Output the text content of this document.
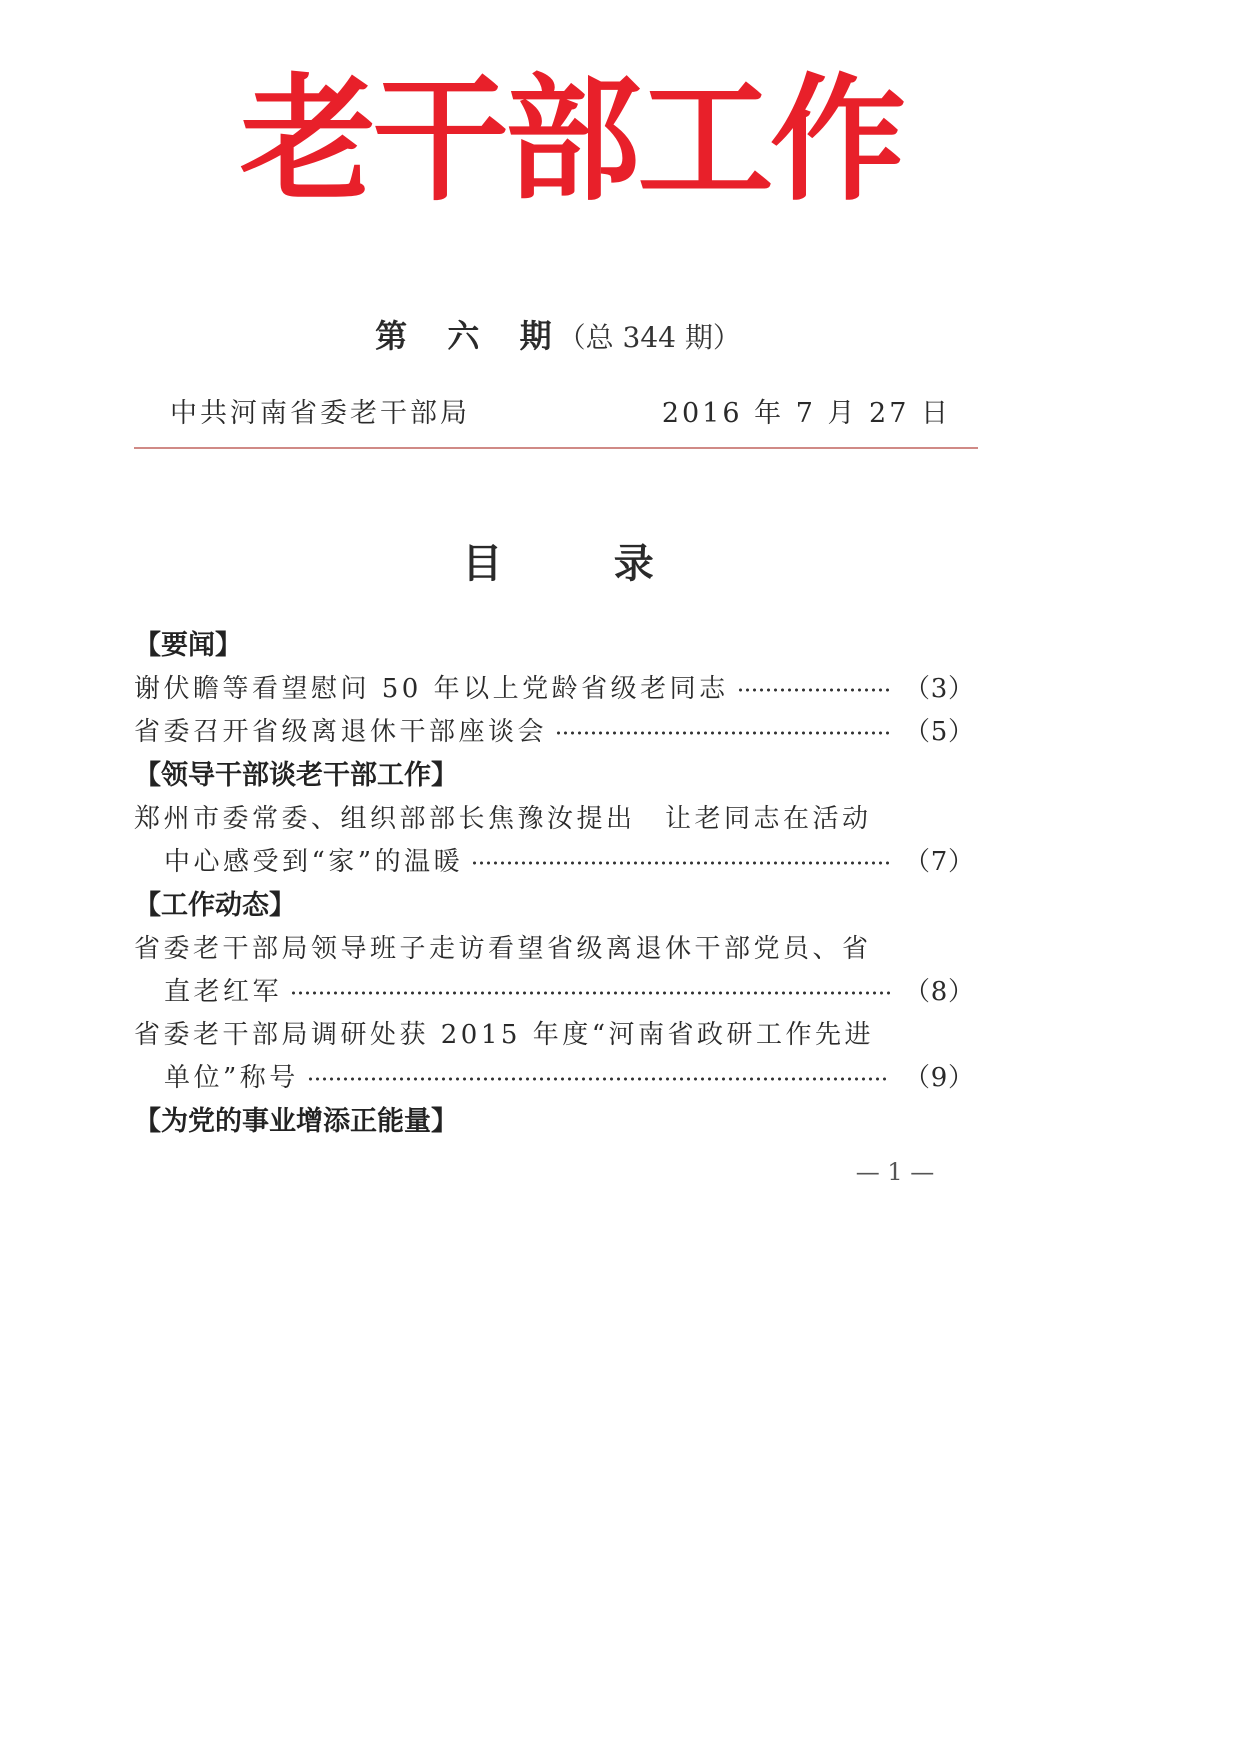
老
干
部
工
作
第  六  期（总 344 期）
中共河南省委老干部局	2016 年 7 月 27 日
目        录
【要闻】
谢伏瞻等看望慰问 50 年以上党龄省级老同志	（ 3 ）
省委召开省级离退休干部座谈会	（ 5 ）
【领导干部谈老干部工作】
郑州市委常委、组织部部长焦豫汝提出　让老同志在活动
中心感受到“家”的温暖	（ 7 ）
【工作动态】
省委老干部局领导班子走访看望省级离退休干部党员、省
直老红军	（ 8 ）
省委老干部局调研处获 2015 年度“河南省政研工作先进
单位”称号	（ 9 ）
【为党的事业增添正能量】
— 1 —
